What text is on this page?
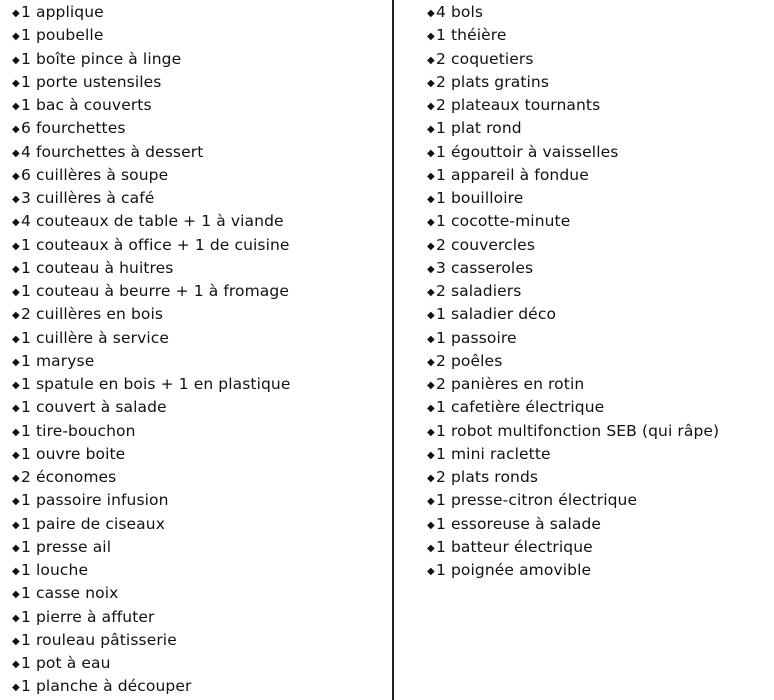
◆1 applique
◆1 poubelle
◆1 boîte pince à linge
◆1 porte ustensiles
◆1 bac à couverts
◆6 fourchettes
◆4 fourchettes à dessert
◆6 cuillères à soupe
◆3 cuillères à café
◆4 couteaux de table + 1 à viande
◆1 couteaux à office + 1 de cuisine
◆1 couteau à huitres
◆1 couteau à beurre + 1 à fromage
◆2 cuillères en bois
◆1 cuillère à service
◆1 maryse
◆1 spatule en bois + 1 en plastique
◆1 couvert à salade
◆1 tire-bouchon
◆1 ouvre boite
◆2 économes
◆1 passoire infusion
◆1 paire de ciseaux
◆1 presse ail
◆1 louche
◆1 casse noix
◆1 pierre à affuter
◆1 rouleau pâtisserie
◆1 pot à eau
◆1 planche à découper
◆4 bols
◆1 théière
◆2 coquetiers
◆2 plats gratins
◆2 plateaux tournants
◆1 plat rond
◆1 égouttoir à vaisselles
◆1 appareil à fondue
◆1 bouilloire
◆1 cocotte-minute
◆2 couvercles
◆3 casseroles
◆2 saladiers
◆1 saladier déco
◆1 passoire
◆2 poêles
◆2 panières en rotin
◆1 cafetière électrique
◆1 robot multifonction SEB (qui râpe)
◆1 mini raclette
◆2 plats ronds
◆1 presse-citron électrique
◆1 essoreuse à salade
◆1 batteur électrique
◆1 poignée amovible
